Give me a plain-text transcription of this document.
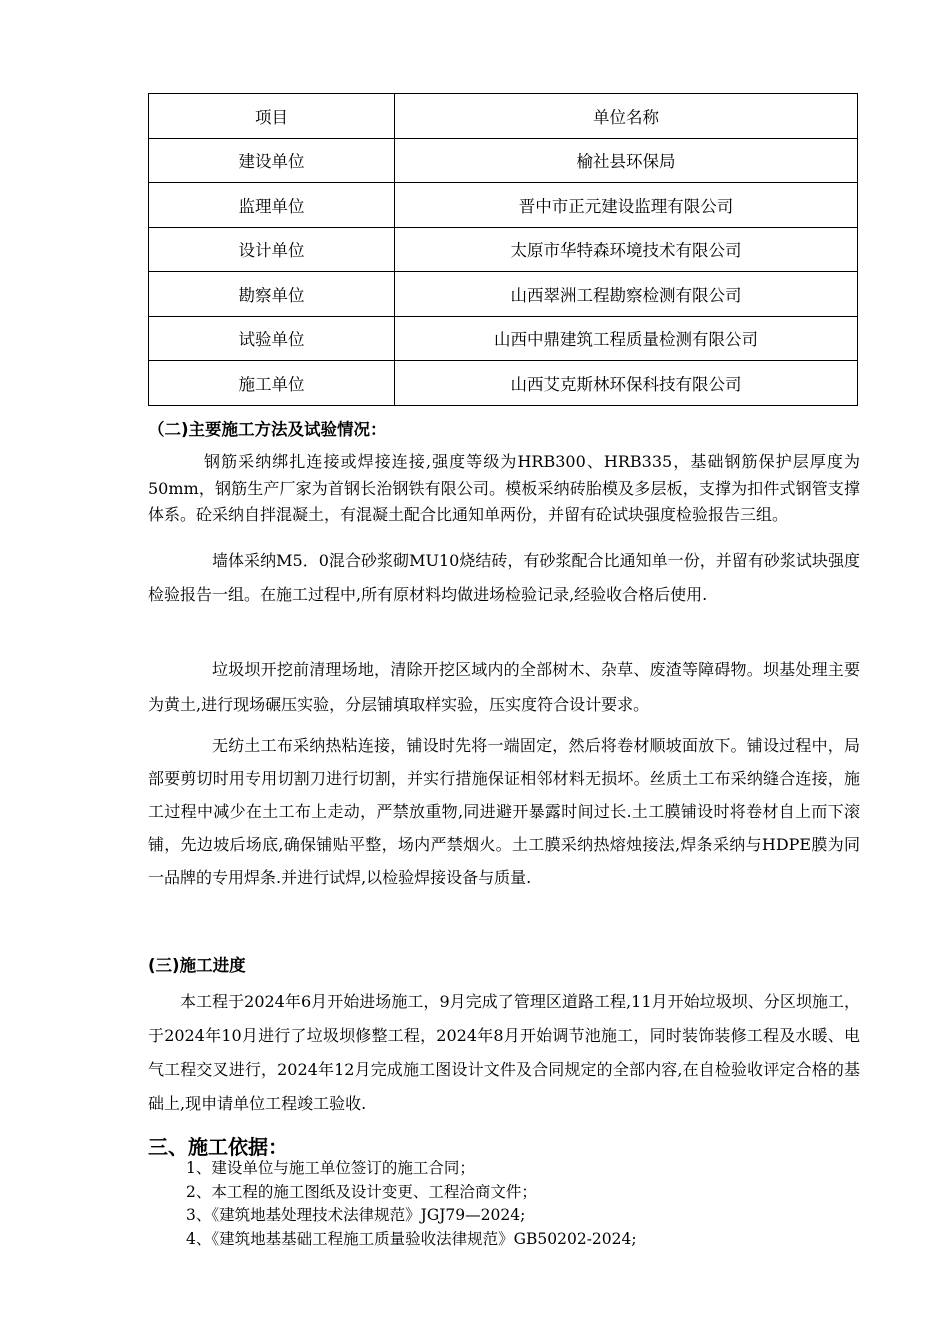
项目	单位名称
建设单位	榆社县环保局
监理单位	晋中市正元建设监理有限公司
设计单位	太原市华特森环境技术有限公司
勘察单位	山西翠洲工程勘察检测有限公司
试验单位	山西中鼎建筑工程质量检测有限公司
施工单位	山西艾克斯林环保科技有限公司
（二)主要施工方法及试验情况：

钢筋采纳绑扎连接或焊接连接,强度等级为HRB300、HRB335，基础钢筋保护层厚度为50mm，钢筋生产厂家为首钢长治钢铁有限公司。模板采纳砖胎模及多层板，支撑为扣件式钢管支撑体系。砼采纳自拌混凝土，有混凝土配合比通知单两份，并留有砼试块强度检验报告三组。

墙体采纳M5．0混合砂浆砌MU10烧结砖，有砂浆配合比通知单一份，并留有砂浆试块强度检验报告一组。在施工过程中,所有原材料均做进场检验记录,经验收合格后使用.

垃圾坝开挖前清理场地，清除开挖区域内的全部树木、杂草、废渣等障碍物。坝基处理主要为黄土,进行现场碾压实验，分层铺填取样实验，压实度符合设计要求。

无纺土工布采纳热粘连接，铺设时先将一端固定，然后将卷材顺坡面放下。铺设过程中，局部要剪切时用专用切割刀进行切割，并实行措施保证相邻材料无损坏。丝质土工布采纳缝合连接，施工过程中减少在土工布上走动，严禁放重物,同进避开暴露时间过长.土工膜铺设时将卷材自上而下滚铺，先边坡后场底,确保铺贴平整，场内严禁烟火。土工膜采纳热熔烛接法,焊条采纳与HDPE膜为同一品牌的专用焊条.并进行试焊,以检验焊接设备与质量.

(三)施工进度

本工程于2024年6月开始进场施工，9月完成了管理区道路工程,11月开始垃圾坝、分区坝施工，于2024年10月进行了垃圾坝修整工程，2024年8月开始调节池施工，同时装饰装修工程及水暖、电气工程交叉进行，2024年12月完成施工图设计文件及合同规定的全部内容,在自检验收评定合格的基础上,现申请单位工程竣工验收.

三、施工依据：
1、建设单位与施工单位签订的施工合同；
2、本工程的施工图纸及设计变更、工程洽商文件；
3、《建筑地基处理技术法律规范》JGJ79—2024;
4、《建筑地基基础工程施工质量验收法律规范》GB50202-2024;
